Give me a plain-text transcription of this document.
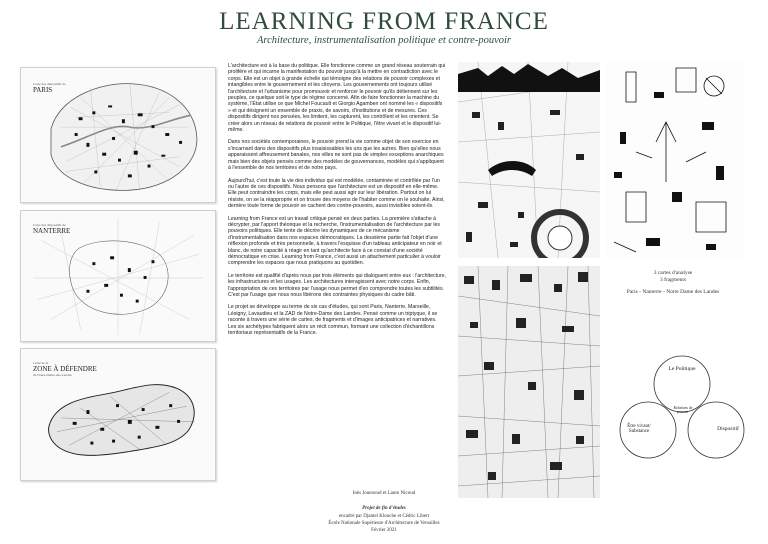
LEARNING FROM FRANCE
Architecture, instrumentalisation politique et contre-pouvoir
Carte des dispositifs de
PARIS
Carte des dispositifs de
NANTERRE
Carte de la
ZONE À DÉFENDRE
de Notre-Dame-des-Landes

L'architecture est à la base du politique. Elle fonctionne comme un grand réseau souterrain qui prolifère et qui incarne la manifestation du pouvoir jusqu'à la mettre en contradiction avec le corps. Elle est un objet à grande échelle qui témoigne des relations de pouvoir complexes et intangibles entre le gouvernement et les citoyens. Les gouvernements ont toujours utilisé l'architecture et l'urbanisme pour promouvoir et renforcer le pouvoir qu'ils détiennent sur les peuples, ce quelque soit le type de régime concerné. Afin de faire fonctionner la machine du système, l'État utilise ce que Michel Foucault et Giorgio Agamben ont nommé les « dispositifs » et qui désignent un ensemble de praxis, de savoirs, d'institutions et de mesures. Ces dispositifs dirigent nos pensées, les limitent, les capturent, les contrôlent et les orientent. Se créer alors un réseau de relations de pouvoir entre le Politique, l'être vivant et le dispositif lui-même.

Dans nos sociétés contemporaines, le pouvoir prend la vie comme objet de son exercice en s'incarnant dans des dispositifs plus insaisissables les uns que les autres. Bien qu'elles nous apparaissent affreusement banales, nos villes ne sont pas de simples exceptions anarchiques mais bien des objets pensés comme des modèles de gouvernances, modèles qui s'appliquent à l'ensemble de nos territoires et de notre pays.

Aujourd'hui, c'est toute la vie des individus qui est modélée, contaminée et contrôlée par l'un ou l'autre de ces dispositifs. Nous pensons que l'architecture est un dispositif en elle-même. Elle peut contraindre les corps, mais elle peut aussi agir sur leur libération. Partout on lui résiste, on se la réapproprie et on trouve des moyens de l'habiter comme on le souhaite. Ainsi, derrière toute forme de pouvoir se cachent des contre-pouvoirs, aussi invisibles soient-ils.

Learning from France est un travail critique pensé en deux parties. La première s'attache à décrypter, par l'apport théorique et la recherche, l'instrumentalisation de l'architecture par les pouvoirs politiques. Elle tente de décrire les dynamiques de ce mécanisme d'instrumentalisation dans nos espaces démocratiques. La deuxième partie fait l'objet d'une réflexion profonde et très personnelle, à travers l'esquisse d'un tableau anticipateur en noir et blanc, de notre capacité à réagir en tant qu'architecte face à ce constat d'une société démocratique en crise. Learning from France, c'est aussi un attachement particulier à vouloir comprendre les espaces que nous pratiquons au quotidien.

Le territoire est qualifié d'après nous par trois éléments qui dialoguent entre eux : l'architecture, les infrastructures et les usages. Les architectures interagissent avec notre corps. Enfin, l'appropriation de ces territoires par l'usage nous permet d'en comprendre toutes les subtilités. C'est par l'usage que nous nous libérons des contraintes physiques du cadre bâti.

Le projet se développe au terme de six cas d'études, qui sont Paris, Nanterre, Marseille, Lésigny, Lavaudieu et la ZAD de Notre-Dame des Landes. Pensé comme un triptyque, il se raconte à travers une série de cartes, de fragments et d'images anticipatrices et narratives. Les six archétypes fabriquent alors un récit commun, formant une collection d'échantillons territoriaux représentatifs de la France.

3 cartes d'analyse
3 fragments
Paris - Nanterre - Notre Dame des Landes
Le Politique
Être vivant/ Substance	Dispositif
Relations de pouvoir
Inès Jouenoud et Laure Nicoud
Projet de fin d'études
encadré par Djamel Klouche et Cédric Libert
École Nationale Supérieure d'Architecture de Versailles
Février 2021
